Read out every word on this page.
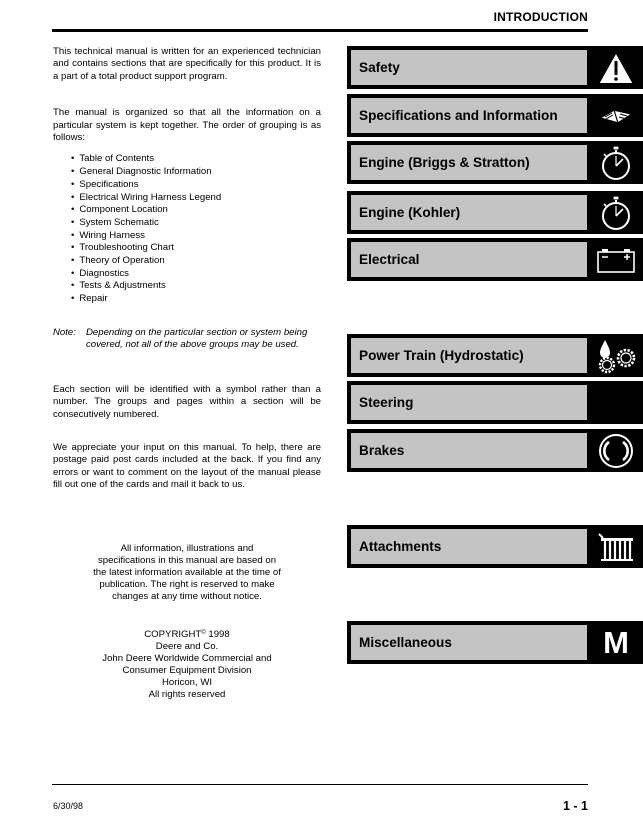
INTRODUCTION

This technical manual is written for an experienced technician and contains sections that are specifically for this product. It is a part of a total product support program.

The manual is organized so that all the information on a particular system is kept together. The order of grouping is as follows:

• Table of Contents
• General Diagnostic Information
• Specifications
• Electrical Wiring Harness Legend
• Component Location
• System Schematic
• Wiring Harness
• Troubleshooting Chart
• Theory of Operation
• Diagnostics
• Tests & Adjustments
• Repair
Note:	Depending on the particular section or system being covered, not all of the above groups may be used.

Each section will be identified with a symbol rather than a number. The groups and pages within a section will be consecutively numbered.

We appreciate your input on this manual. To help, there are postage paid post cards included at the back. If you find any errors or want to comment on the layout of the manual please fill out one of the cards and mail it back to us.

All information, illustrations and
specifications in this manual are based on
the latest information available at the time of
publication. The right is reserved to make
changes at any time without notice.
COPYRIGHT© 1998
Deere and Co.
John Deere Worldwide Commercial and
Consumer Equipment Division
Horicon, WI
All rights reserved
Safety
Specifications and Information
Engine (Briggs & Stratton)
Engine (Kohler)
Electrical
Power Train (Hydrostatic)
Steering
Brakes
Attachments
Miscellaneous	M
6/30/98	1 - 1
